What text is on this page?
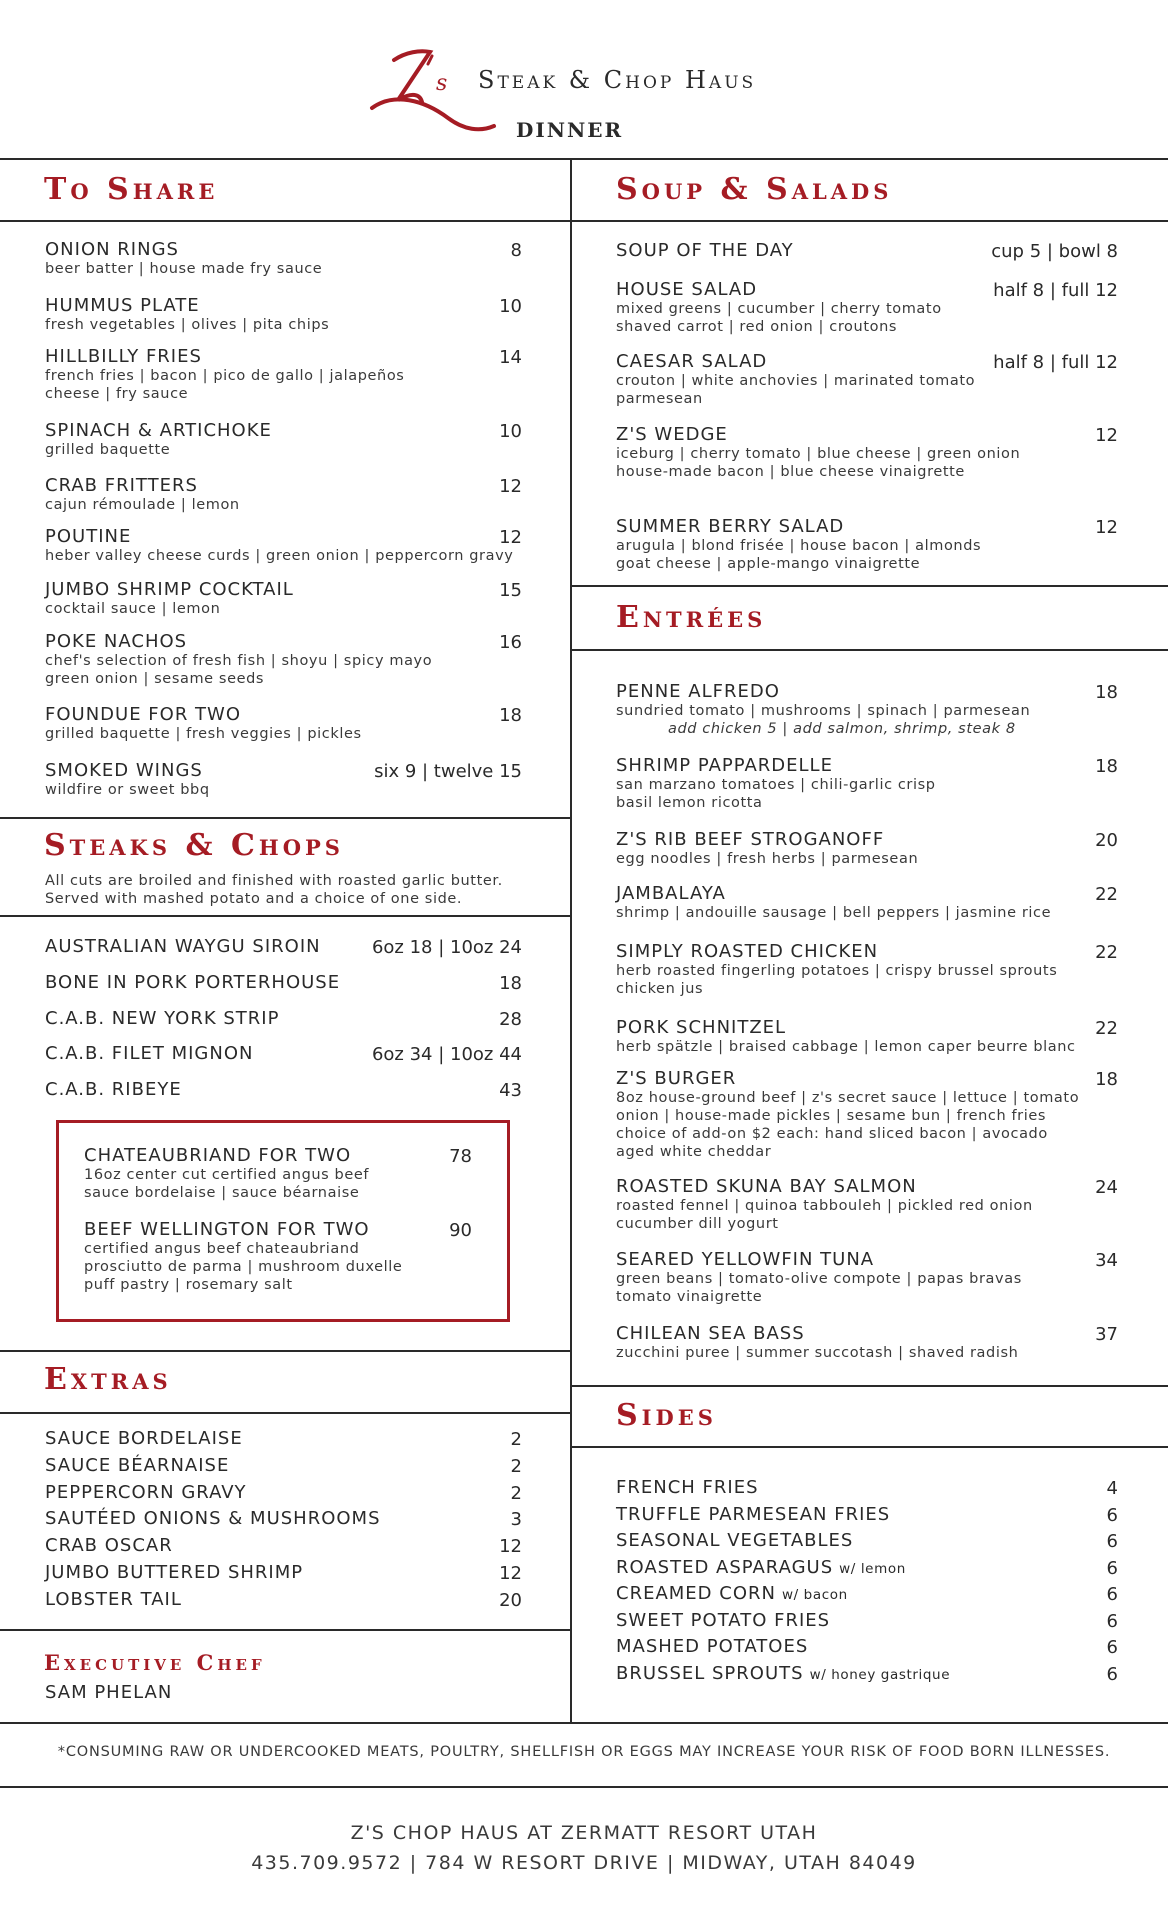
s Steak & Chop Haus
DINNER
To Share
ONION RINGS
beer batter | house made fry sauce
8
HUMMUS PLATE
fresh vegetables | olives | pita chips
10
HILLBILLY FRIES
french fries | bacon | pico de gallo | jalapeños
cheese | fry sauce
14
SPINACH & ARTICHOKE
grilled baquette
10
CRAB FRITTERS
cajun rémoulade | lemon
12
POUTINE
heber valley cheese curds | green onion | peppercorn gravy
12
JUMBO SHRIMP COCKTAIL
cocktail sauce | lemon
15
POKE NACHOS
chef's selection of fresh fish | shoyu | spicy mayo
green onion | sesame seeds
16
FOUNDUE FOR TWO
grilled baquette | fresh veggies | pickles
18
SMOKED WINGS
wildfire or sweet bbq
six 9 | twelve 15
Steaks & Chops
All cuts are broiled and finished with roasted garlic butter.
Served with mashed potato and a choice of one side.
AUSTRALIAN WAYGU SIROIN	6oz 18 | 10oz 24
BONE IN PORK PORTERHOUSE	18
C.A.B. NEW YORK STRIP	28
C.A.B. FILET MIGNON	6oz 34 | 10oz 44
C.A.B. RIBEYE	43
CHATEAUBRIAND FOR TWO
16oz center cut certified angus beef
sauce bordelaise | sauce béarnaise
78
BEEF WELLINGTON FOR TWO
certified angus beef chateaubriand
prosciutto de parma | mushroom duxelle
puff pastry | rosemary salt
90
Extras
SAUCE BORDELAISE	2
SAUCE BÉARNAISE	2
PEPPERCORN GRAVY	2
SAUTÉED ONIONS & MUSHROOMS	3
CRAB OSCAR	12
JUMBO BUTTERED SHRIMP	12
LOBSTER TAIL	20
Executive Chef
SAM PHELAN
Soup & Salads
SOUP OF THE DAY	cup 5 | bowl 8
HOUSE SALAD
mixed greens | cucumber | cherry tomato
shaved carrot | red onion | croutons
half 8 | full 12
CAESAR SALAD
crouton | white anchovies | marinated tomato
parmesean
half 8 | full 12
Z'S WEDGE
iceburg | cherry tomato | blue cheese | green onion
house-made bacon | blue cheese vinaigrette
12
SUMMER BERRY SALAD
arugula | blond frisée | house bacon | almonds
goat cheese | apple-mango vinaigrette
12
Entrées
PENNE ALFREDO
sundried tomato | mushrooms | spinach | parmesean
add chicken 5 | add salmon, shrimp, steak 8
18
SHRIMP PAPPARDELLE
san marzano tomatoes | chili-garlic crisp
basil lemon ricotta
18
Z'S RIB BEEF STROGANOFF
egg noodles | fresh herbs | parmesean
20
JAMBALAYA
shrimp | andouille sausage | bell peppers | jasmine rice
22
SIMPLY ROASTED CHICKEN
herb roasted fingerling potatoes | crispy brussel sprouts
chicken jus
22
PORK SCHNITZEL
herb spätzle | braised cabbage | lemon caper beurre blanc
22
Z'S BURGER
8oz house-ground beef | z's secret sauce | lettuce | tomato
onion | house-made pickles | sesame bun | french fries
choice of add-on $2 each: hand sliced bacon | avocado
aged white cheddar
18
ROASTED SKUNA BAY SALMON
roasted fennel | quinoa tabbouleh | pickled red onion
cucumber dill yogurt
24
SEARED YELLOWFIN TUNA
green beans | tomato-olive compote | papas bravas
tomato vinaigrette
34
CHILEAN SEA BASS
zucchini puree | summer succotash | shaved radish
37
Sides
FRENCH FRIES	4
TRUFFLE PARMESEAN FRIES	6
SEASONAL VEGETABLES	6
ROASTED ASPARAGUS w/ lemon	6
CREAMED CORN w/ bacon	6
SWEET POTATO FRIES	6
MASHED POTATOES	6
BRUSSEL SPROUTS w/ honey gastrique	6
*CONSUMING RAW OR UNDERCOOKED MEATS, POULTRY, SHELLFISH OR EGGS MAY INCREASE YOUR RISK OF FOOD BORN ILLNESSES.
Z'S CHOP HAUS AT ZERMATT RESORT UTAH
435.709.9572 | 784 W RESORT DRIVE | MIDWAY, UTAH 84049
